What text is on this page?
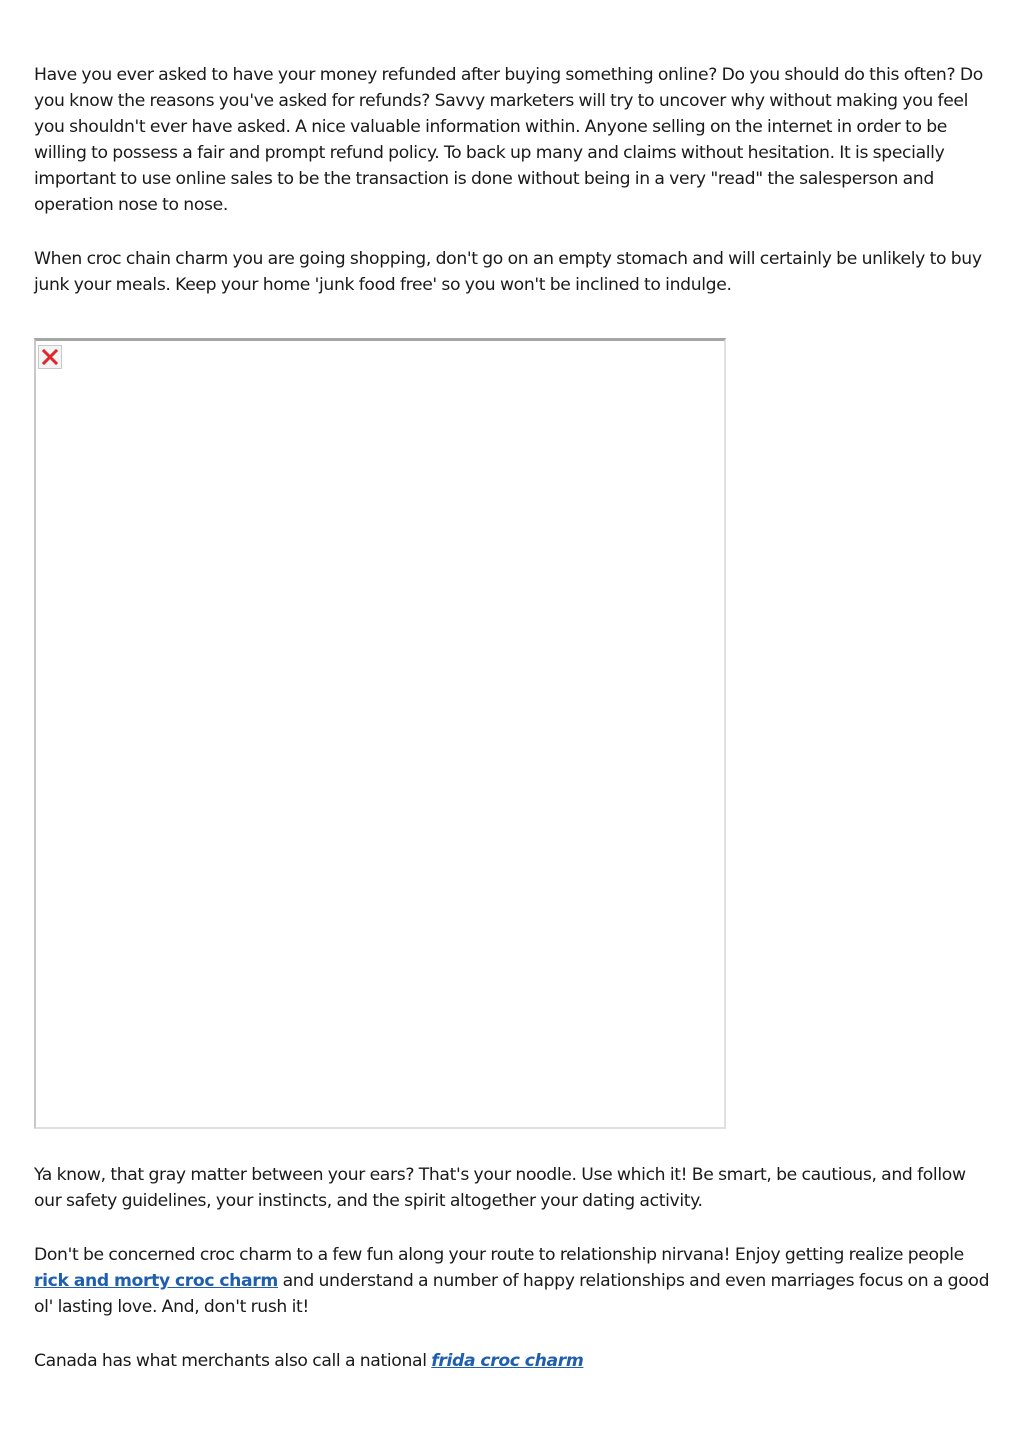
Have you ever asked to have your money refunded after buying something online? Do you should do this often? Do you know the reasons you've asked for refunds? Savvy marketers will try to uncover why without making you feel you shouldn't ever have asked. A nice valuable information within. Anyone selling on the internet in order to be willing to possess a fair and prompt refund policy. To back up many and claims without hesitation. It is specially important to use online sales to be the transaction is done without being in a very "read" the salesperson and operation nose to nose.

When croc chain charm you are going shopping, don't go on an empty stomach and will certainly be unlikely to buy junk your meals. Keep your home 'junk food free' so you won't be inclined to indulge.

Ya know, that gray matter between your ears? That's your noodle. Use which it! Be smart, be cautious, and follow our safety guidelines, your instincts, and the spirit altogether your dating activity.

Don't be concerned croc charm to a few fun along your route to relationship nirvana! Enjoy getting realize people rick and morty croc charm and understand a number of happy relationships and even marriages focus on a good ol' lasting love. And, don't rush it!

Canada has what merchants also call a national frida croc charm
